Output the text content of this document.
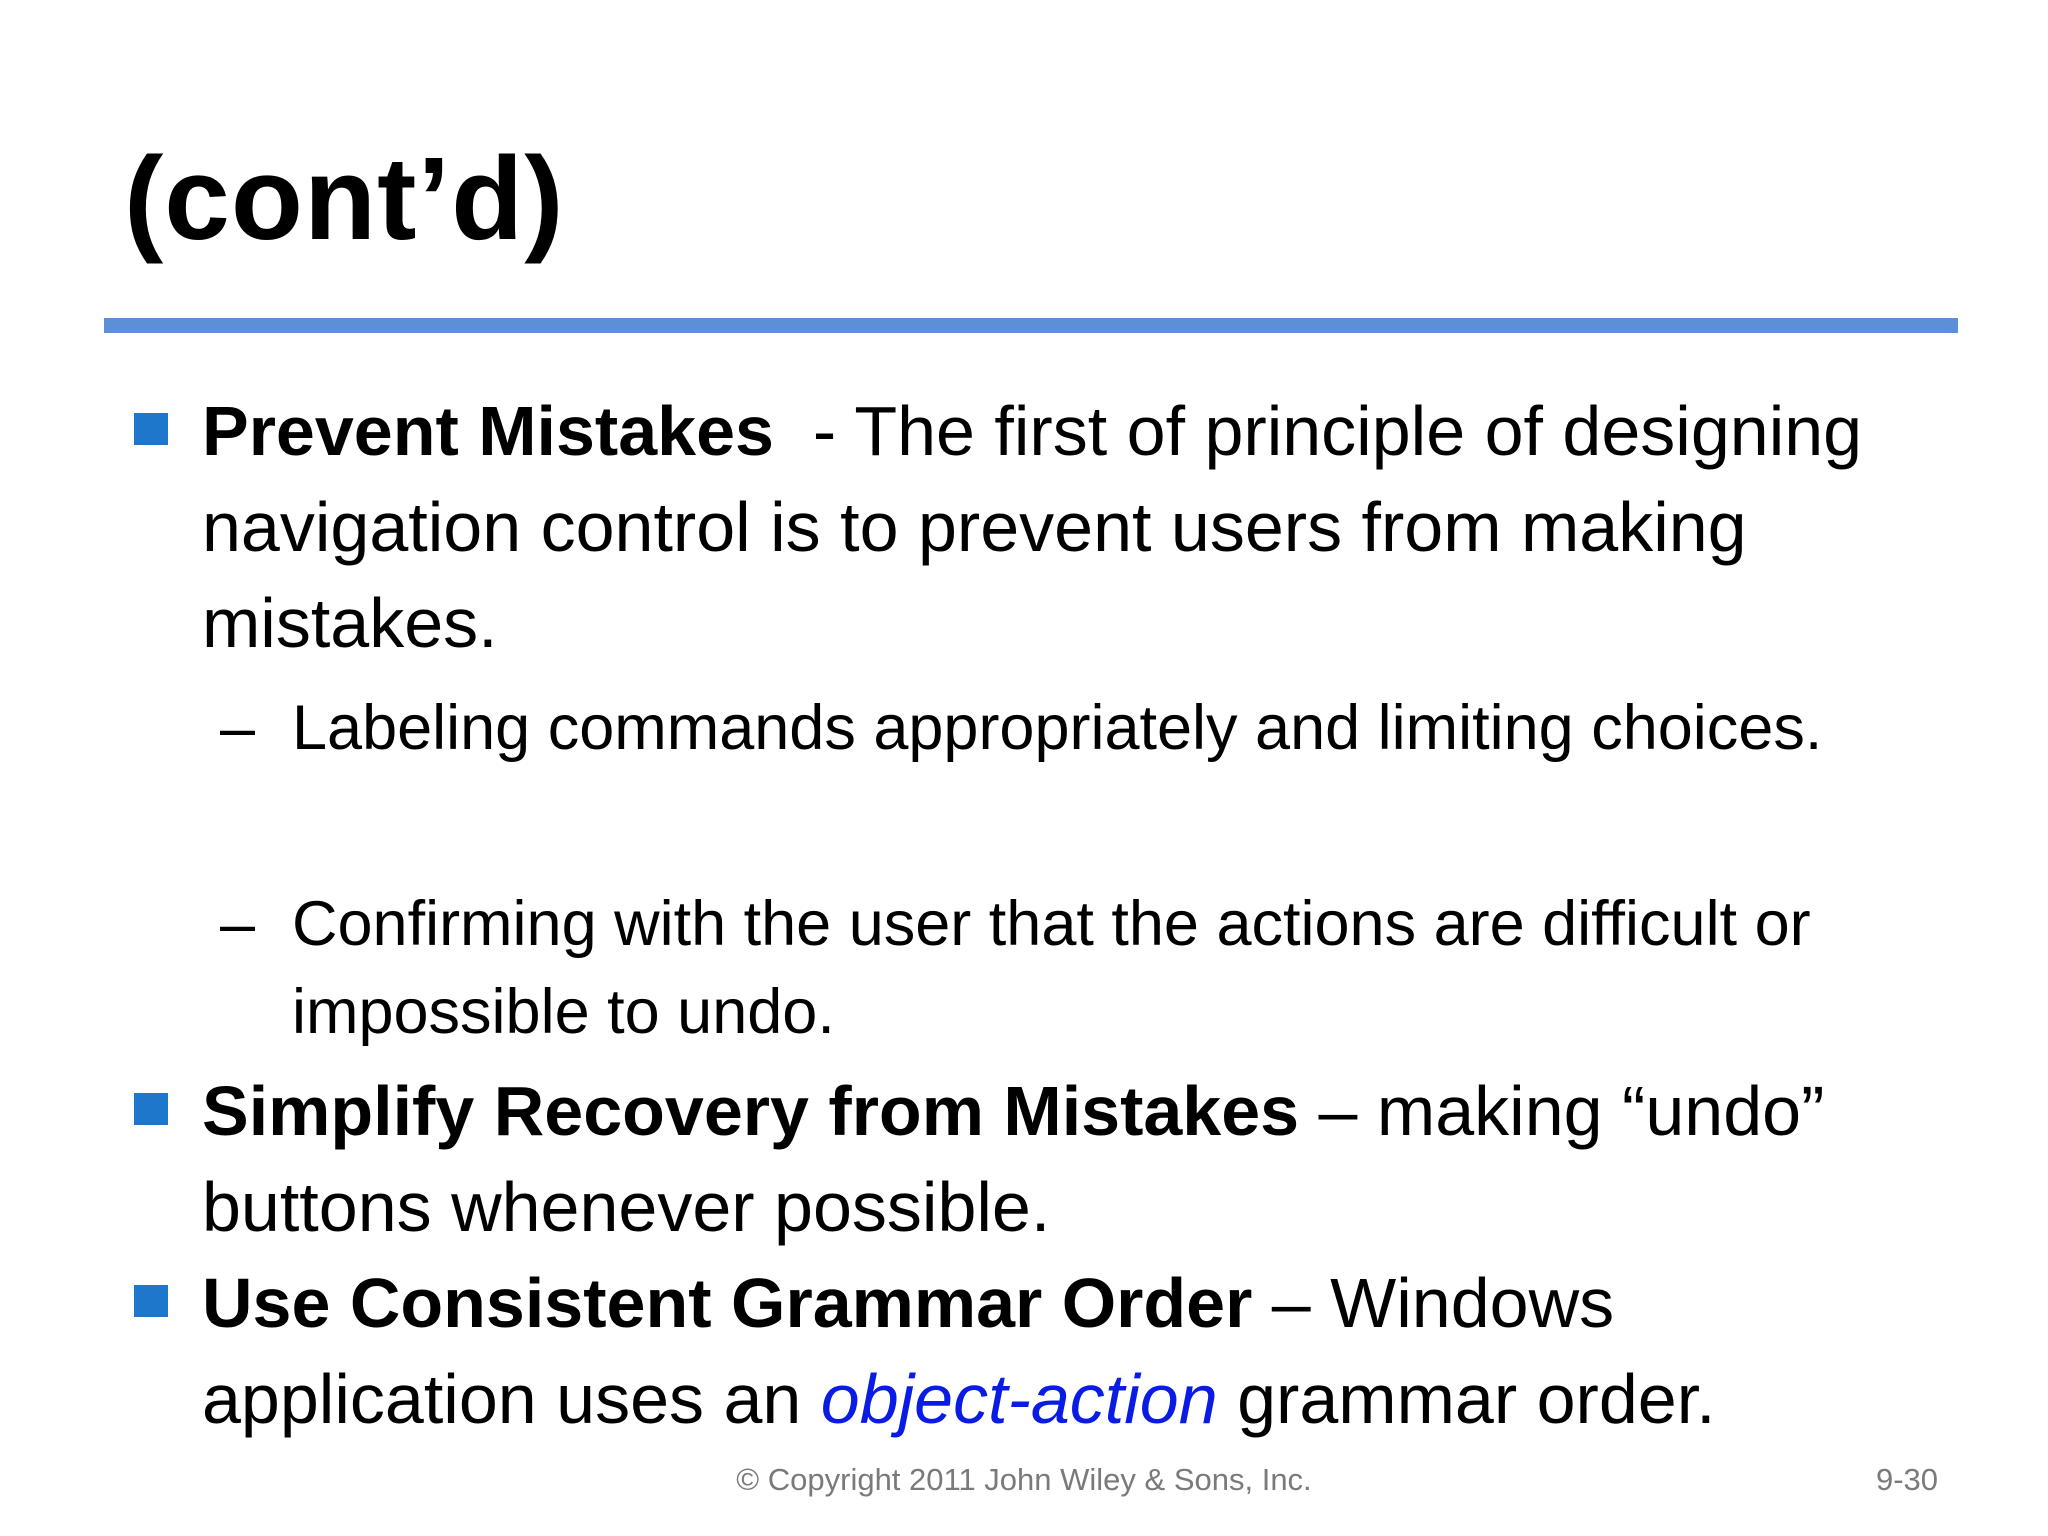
(cont’d)

Prevent Mistakes  - The first of principle of designing navigation control is to prevent users from making mistakes.

– Labeling commands appropriately and limiting choices.

– Confirming with the user that the actions are difficult or impossible to undo.

Simplify Recovery from Mistakes – making “undo” buttons whenever possible.

Use Consistent Grammar Order – Windows application uses an object-action grammar order.

© Copyright 2011 John Wiley & Sons, Inc.	9-30
